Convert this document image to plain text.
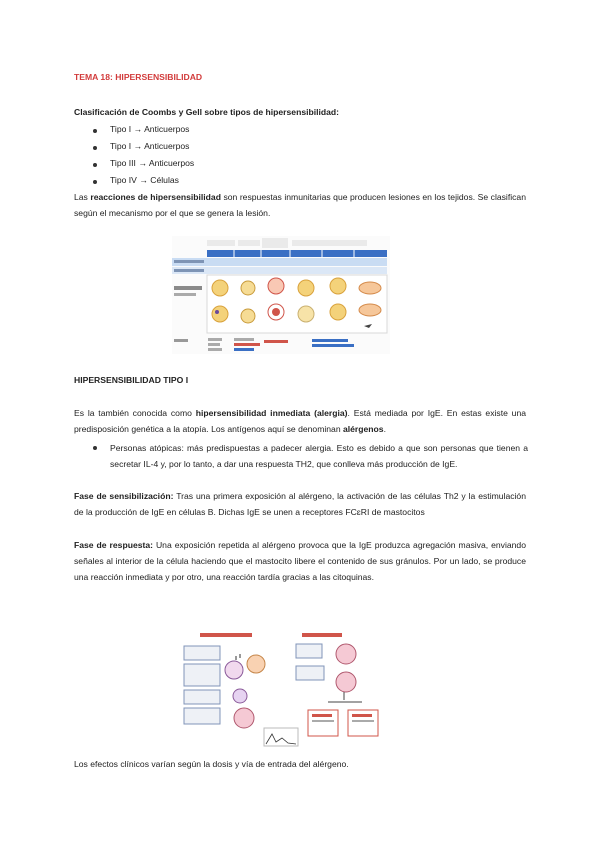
TEMA 18: HIPERSENSIBILIDAD
Clasificación de Coombs y Gell sobre tipos de hipersensibilidad:
Tipo I → Anticuerpos
Tipo I → Anticuerpos
Tipo III → Anticuerpos
Tipo IV → Células
Las reacciones de hipersensibilidad son respuestas inmunitarias que producen lesiones en los tejidos. Se clasifican según el mecanismo por el que se genera la lesión.
HIPERSENSIBILIDAD TIPO I
Es la también conocida como hipersensibilidad inmediata (alergia). Está mediada por IgE. En estas existe una predisposición genética a la atopía. Los antígenos aquí se denominan alérgenos.
Personas atópicas: más predispuestas a padecer alergia. Esto es debido a que son personas que tienen a secretar IL-4 y, por lo tanto, a dar una respuesta TH2, que conlleva más producción de IgE.
Fase de sensibilización: Tras una primera exposición al alérgeno, la activación de las células Th2 y la estimulación de la producción de IgE en células B. Dichas IgE se unen a receptores FCɛRI de mastocitos
Fase de respuesta: Una exposición repetida al alérgeno provoca que la IgE produzca agregación masiva, enviando señales al interior de la célula haciendo que el mastocito libere el contenido de sus gránulos. Por un lado, se produce una reacción inmediata y por otro, una reacción tardía gracias a las citoquinas.
Los efectos clínicos varían según la dosis y vía de entrada del alérgeno.
